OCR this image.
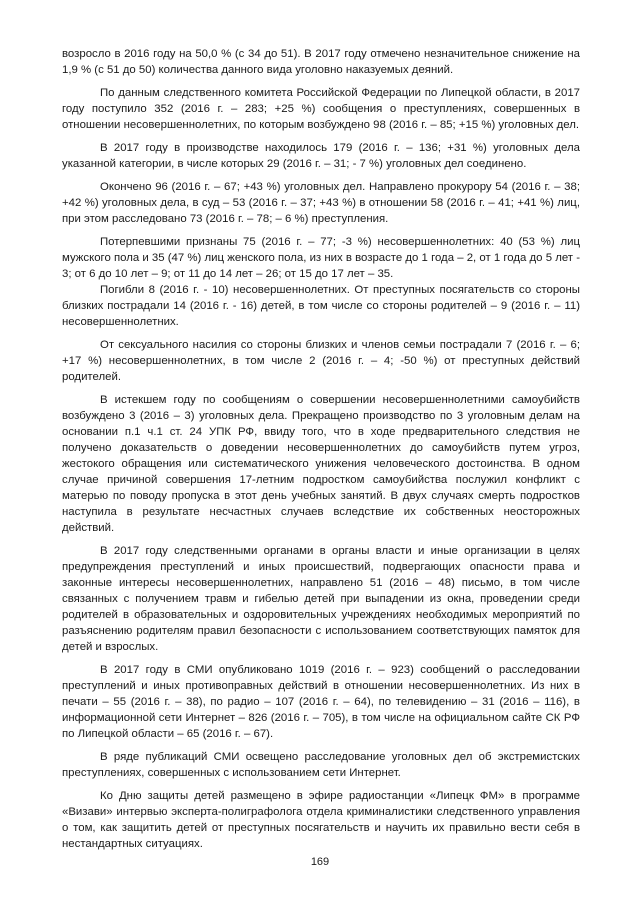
возросло в 2016 году на 50,0 % (с 34 до 51). В 2017 году отмечено незначительное снижение на 1,9 % (с 51 до 50) количества данного вида уголовно наказуемых деяний.

По данным следственного комитета Российской Федерации по Липецкой области, в 2017 году поступило 352 (2016 г. – 283; +25 %) сообщения о преступлениях, совершенных в отношении несовершеннолетних, по которым возбуждено 98 (2016 г. – 85; +15 %) уголовных дел.

В 2017 году в производстве находилось 179 (2016 г. – 136; +31 %) уголовных дела указанной категории, в числе которых 29 (2016 г. – 31; - 7 %) уголовных дел соединено.

Окончено 96 (2016 г. – 67; +43 %) уголовных дел. Направлено прокурору 54 (2016 г. – 38; +42 %) уголовных дела, в суд – 53 (2016 г. – 37; +43 %) в отношении 58 (2016 г. – 41; +41 %) лиц, при этом расследовано 73 (2016 г. – 78; – 6 %) преступления.

Потерпевшими признаны 75 (2016 г. – 77; -3 %) несовершеннолетних: 40 (53 %) лиц мужского пола и 35 (47 %) лиц женского пола, из них в возрасте до 1 года – 2, от 1 года до 5 лет - 3; от 6 до 10 лет – 9; от 11 до 14 лет – 26; от 15 до 17 лет – 35.

Погибли 8 (2016 г. - 10) несовершеннолетних. От преступных посягательств со стороны близких пострадали 14 (2016 г. - 16) детей, в том числе со стороны родителей – 9 (2016 г. – 11) несовершеннолетних.

От сексуального насилия со стороны близких и членов семьи пострадали 7 (2016 г. – 6; +17 %) несовершеннолетних, в том числе 2 (2016 г. – 4; -50 %) от преступных действий родителей.

В истекшем году по сообщениям о совершении несовершеннолетними самоубийств возбуждено 3 (2016 – 3) уголовных дела. Прекращено производство по 3 уголовным делам на основании п.1 ч.1 ст. 24 УПК РФ, ввиду того, что в ходе предварительного следствия не получено доказательств о доведении несовершеннолетних до самоубийств путем угроз, жестокого обращения или систематического унижения человеческого достоинства. В одном случае причиной совершения 17-летним подростком самоубийства послужил конфликт с матерью по поводу пропуска в этот день учебных занятий. В двух случаях смерть подростков наступила в результате несчастных случаев вследствие их собственных неосторожных действий.

В 2017 году следственными органами в органы власти и иные организации в целях предупреждения преступлений и иных происшествий, подвергающих опасности права и законные интересы несовершеннолетних, направлено 51 (2016 – 48) письмо, в том числе связанных с получением травм и гибелью детей при выпадении из окна, проведении среди родителей в образовательных и оздоровительных учреждениях необходимых мероприятий по разъяснению родителям правил безопасности с использованием соответствующих памяток для детей и взрослых.

В 2017 году в СМИ опубликовано 1019 (2016 г. – 923) сообщений о расследовании преступлений и иных противоправных действий в отношении несовершеннолетних. Из них в печати – 55 (2016 г. – 38), по радио – 107 (2016 г. – 64), по телевидению – 31 (2016 – 116), в информационной сети Интернет – 826 (2016 г. – 705), в том числе на официальном сайте СК РФ по Липецкой области – 65 (2016 г. – 67).

В ряде публикаций СМИ освещено расследование уголовных дел об экстремистских преступлениях, совершенных с использованием сети Интернет.

Ко Дню защиты детей размещено в эфире радиостанции «Липецк ФМ» в программе «Визави» интервью эксперта-полиграфолога отдела криминалистики следственного управления о том, как защитить детей от преступных посягательств и научить их правильно вести себя в нестандартных ситуациях.

169
